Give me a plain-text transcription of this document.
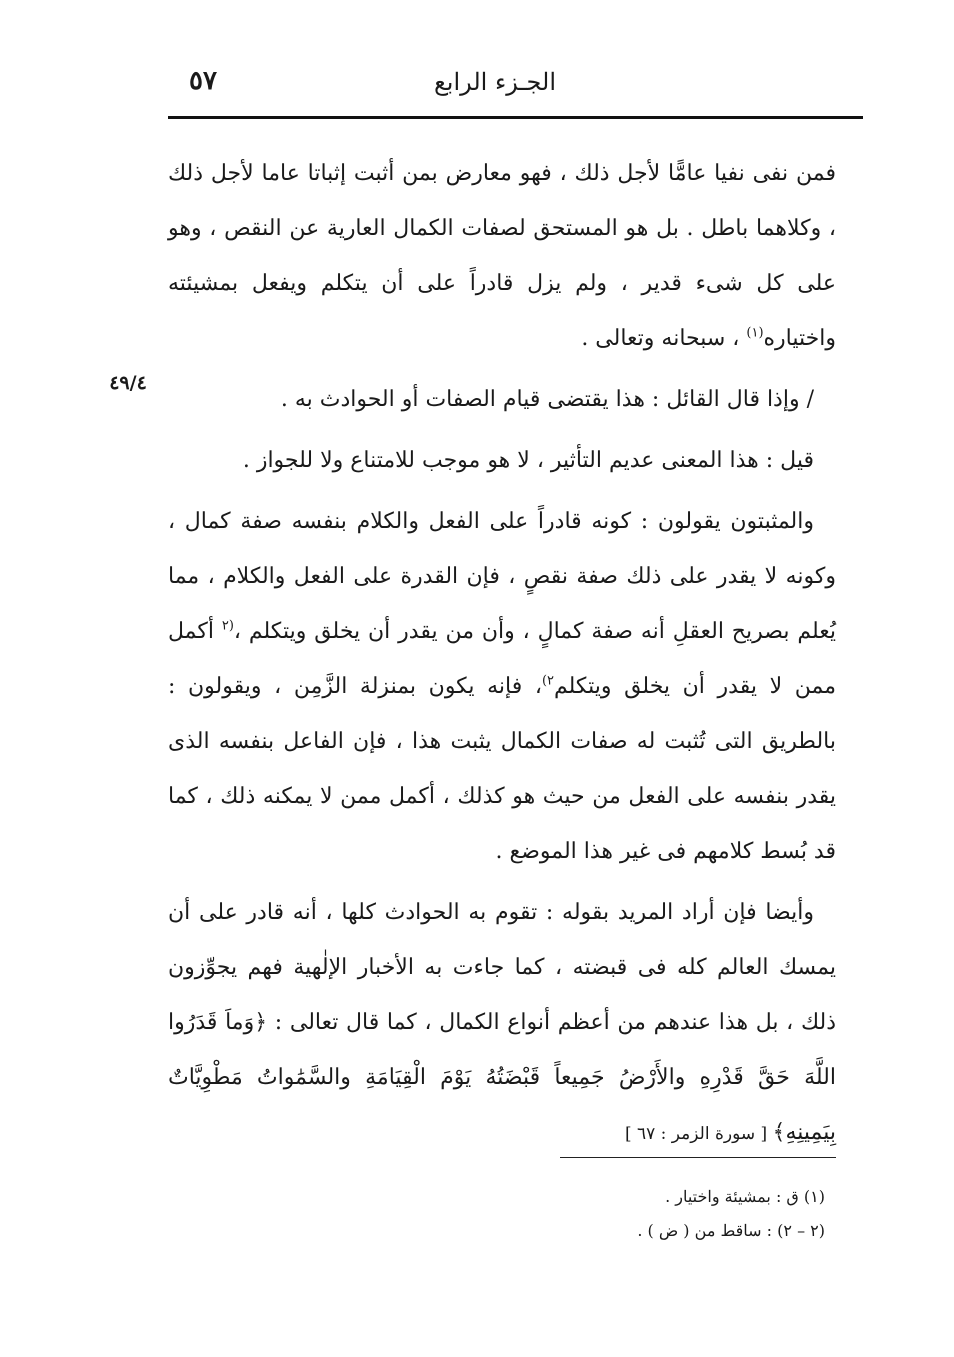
الجـزء الرابع
٥٧
٤٩/٤

فمن نفى نفيا عامًّا لأجل ذلك ، فهو معارض بمن أثبت إثباتا عاما لأجل ذلك ، وكلاهما باطل . بل هو المستحق لصفات الكمال العارية عن النقص ، وهو على كل شىء قدير ، ولم يزل قادراً على أن يتكلم ويفعل بمشيئته واختياره$^{(١)}$ ، سبحانه وتعالى .

/ وإذا قال القائل : هذا يقتضى قيام الصفات أو الحوادث به .

قيل : هذا المعنى عديم التأثير ، لا هو موجب للامتناع ولا للجواز .

والمثبتون يقولون : كونه قادراً على الفعل والكلام بنفسه صفة كمال ، وكونه لا يقدر على ذلك صفة نقصٍ ، فإن القدرة على الفعل والكلام ، مما يُعلم بصريح العقلِ أنه صفة كمالٍ ، وأن من يقدر أن يخلق ويتكلم ،$^{(٢}$ أكمل ممن لا يقدر أن يخلق ويتكلم$^{٢)}$، فإنه يكون بمنزلة الزَّمِن ، ويقولون : بالطريق التى تُثبت له صفات الكمال يثبت هذا ، فإن الفاعل بنفسه الذى يقدر بنفسه على الفعل من حيث هو كذلك ، أكمل ممن لا يمكنه ذلك ، كما قد بُسط كلامهم فى غير هذا الموضع .

وأيضا فإن أراد المريد بقوله : تقوم به الحوادث كلها ، أنه قادر على أن يمسك العالم كله فى قبضته ، كما جاءت به الأخبار الإلٰهية فهم يجوِّزون ذلك ، بل هذا عندهم من أعظم أنواع الكمال ، كما قال تعالى : ﴿وَماَ قَدَرُوا اللَّهَ حَقَّ قَدْرِهِ والأَرْضُ جَمِيعاً قَبْضَتُهُ يَوْمَ الْقِيَامَةِ والسَّمَٰواتُ مَطْوِيَّاتٌ بِيَمِينِهِ﴾ [ سورة الزمر : ٦٧ ]

(١) ق : بمشيئة واختيار .

(٢ – ٢) : ساقط من ( ض ) .
